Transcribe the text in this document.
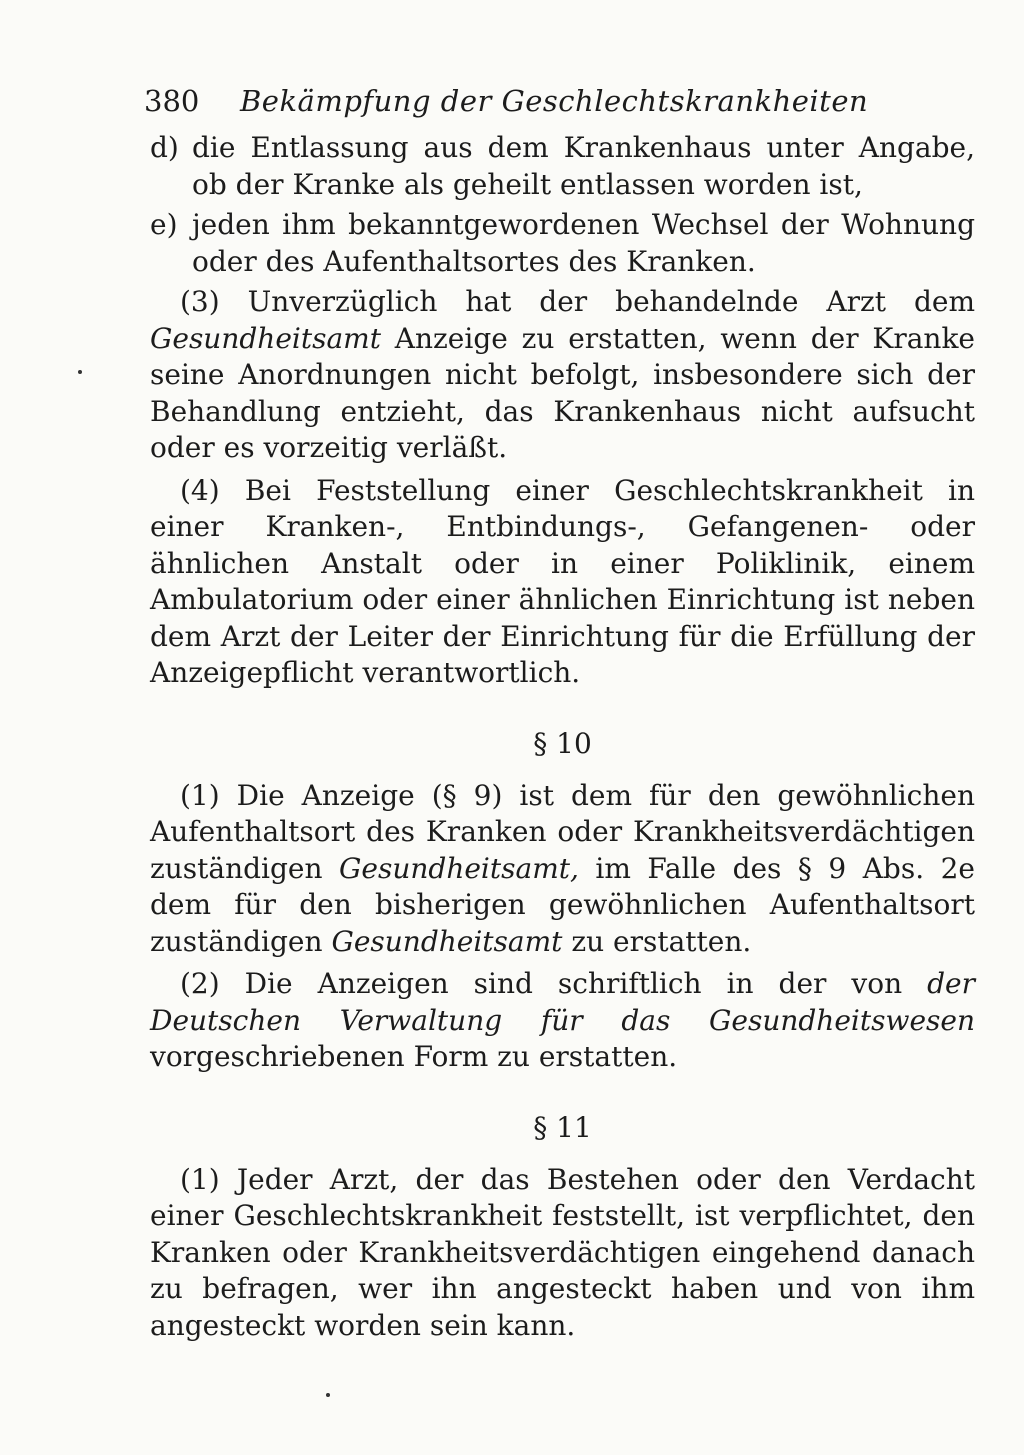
380	Bekämpfung der Geschlechtskrankheiten
d) die Entlassung aus dem Krankenhaus unter Angabe, ob der Kranke als geheilt entlassen worden ist,
e) jeden ihm bekanntgewordenen Wechsel der Wohnung oder des Aufenthaltsortes des Kranken.

(3) Unverzüglich hat der behandelnde Arzt dem Gesundheitsamt Anzeige zu erstatten, wenn der Kranke seine Anordnungen nicht befolgt, insbesondere sich der Behandlung entzieht, das Krankenhaus nicht aufsucht oder es vorzeitig verläßt.

(4) Bei Feststellung einer Geschlechtskrankheit in einer Kranken-, Entbindungs-, Gefangenen- oder ähnlichen Anstalt oder in einer Poliklinik, einem Ambulatorium oder einer ähnlichen Einrichtung ist neben dem Arzt der Leiter der Einrichtung für die Erfüllung der Anzeigepflicht verantwortlich.

§ 10

(1) Die Anzeige (§ 9) ist dem für den gewöhnlichen Aufenthaltsort des Kranken oder Krankheitsverdächtigen zuständigen Gesundheitsamt, im Falle des § 9 Abs. 2e dem für den bisherigen gewöhnlichen Aufenthaltsort zuständigen Gesundheitsamt zu erstatten.

(2) Die Anzeigen sind schriftlich in der von der Deutschen Verwaltung für das Gesundheitswesen vorgeschriebenen Form zu erstatten.

§ 11

(1) Jeder Arzt, der das Bestehen oder den Verdacht einer Geschlechtskrankheit feststellt, ist verpflichtet, den Kranken oder Krankheitsverdächtigen eingehend danach zu befragen, wer ihn angesteckt haben und von ihm angesteckt worden sein kann.
